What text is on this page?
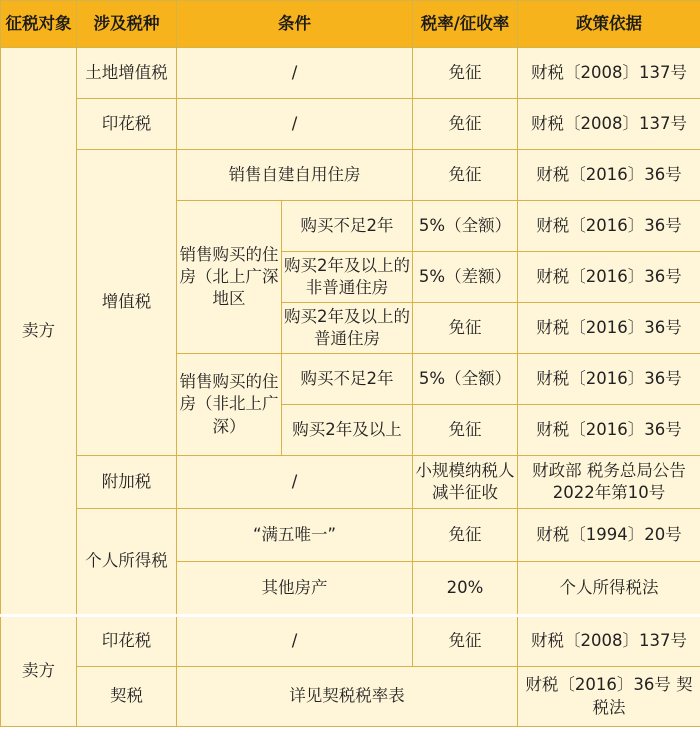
征税对象	涉及税种	条件		税率/征收率	政策依据
卖方	土地增值税	/		免征	财税〔2008〕137号
	印花税	/		免征	财税〔2008〕137号
	增值税	销售自建自用住房		免征	财税〔2016〕36号
		销售购买的住房（北上广深地区	购买不足2年	5%（全额）	财税〔2016〕36号
			购买2年及以上的非普通住房	5%（差额）	财税〔2016〕36号
			购买2年及以上的普通住房	免征	财税〔2016〕36号
		销售购买的住房（非北上广深）	购买不足2年	5%（全额）	财税〔2016〕36号
			购买2年及以上	免征	财税〔2016〕36号
	附加税	/		小规模纳税人减半征收	财政部 税务总局公告2022年第10号
	个人所得税	“满五唯一”		免征	财税〔1994〕20号
		其他房产		20%	个人所得税法
卖方	印花税	/		免征	财税〔2008〕137号
	契税	详见契税税率表			财税〔2016〕36号 契税法
